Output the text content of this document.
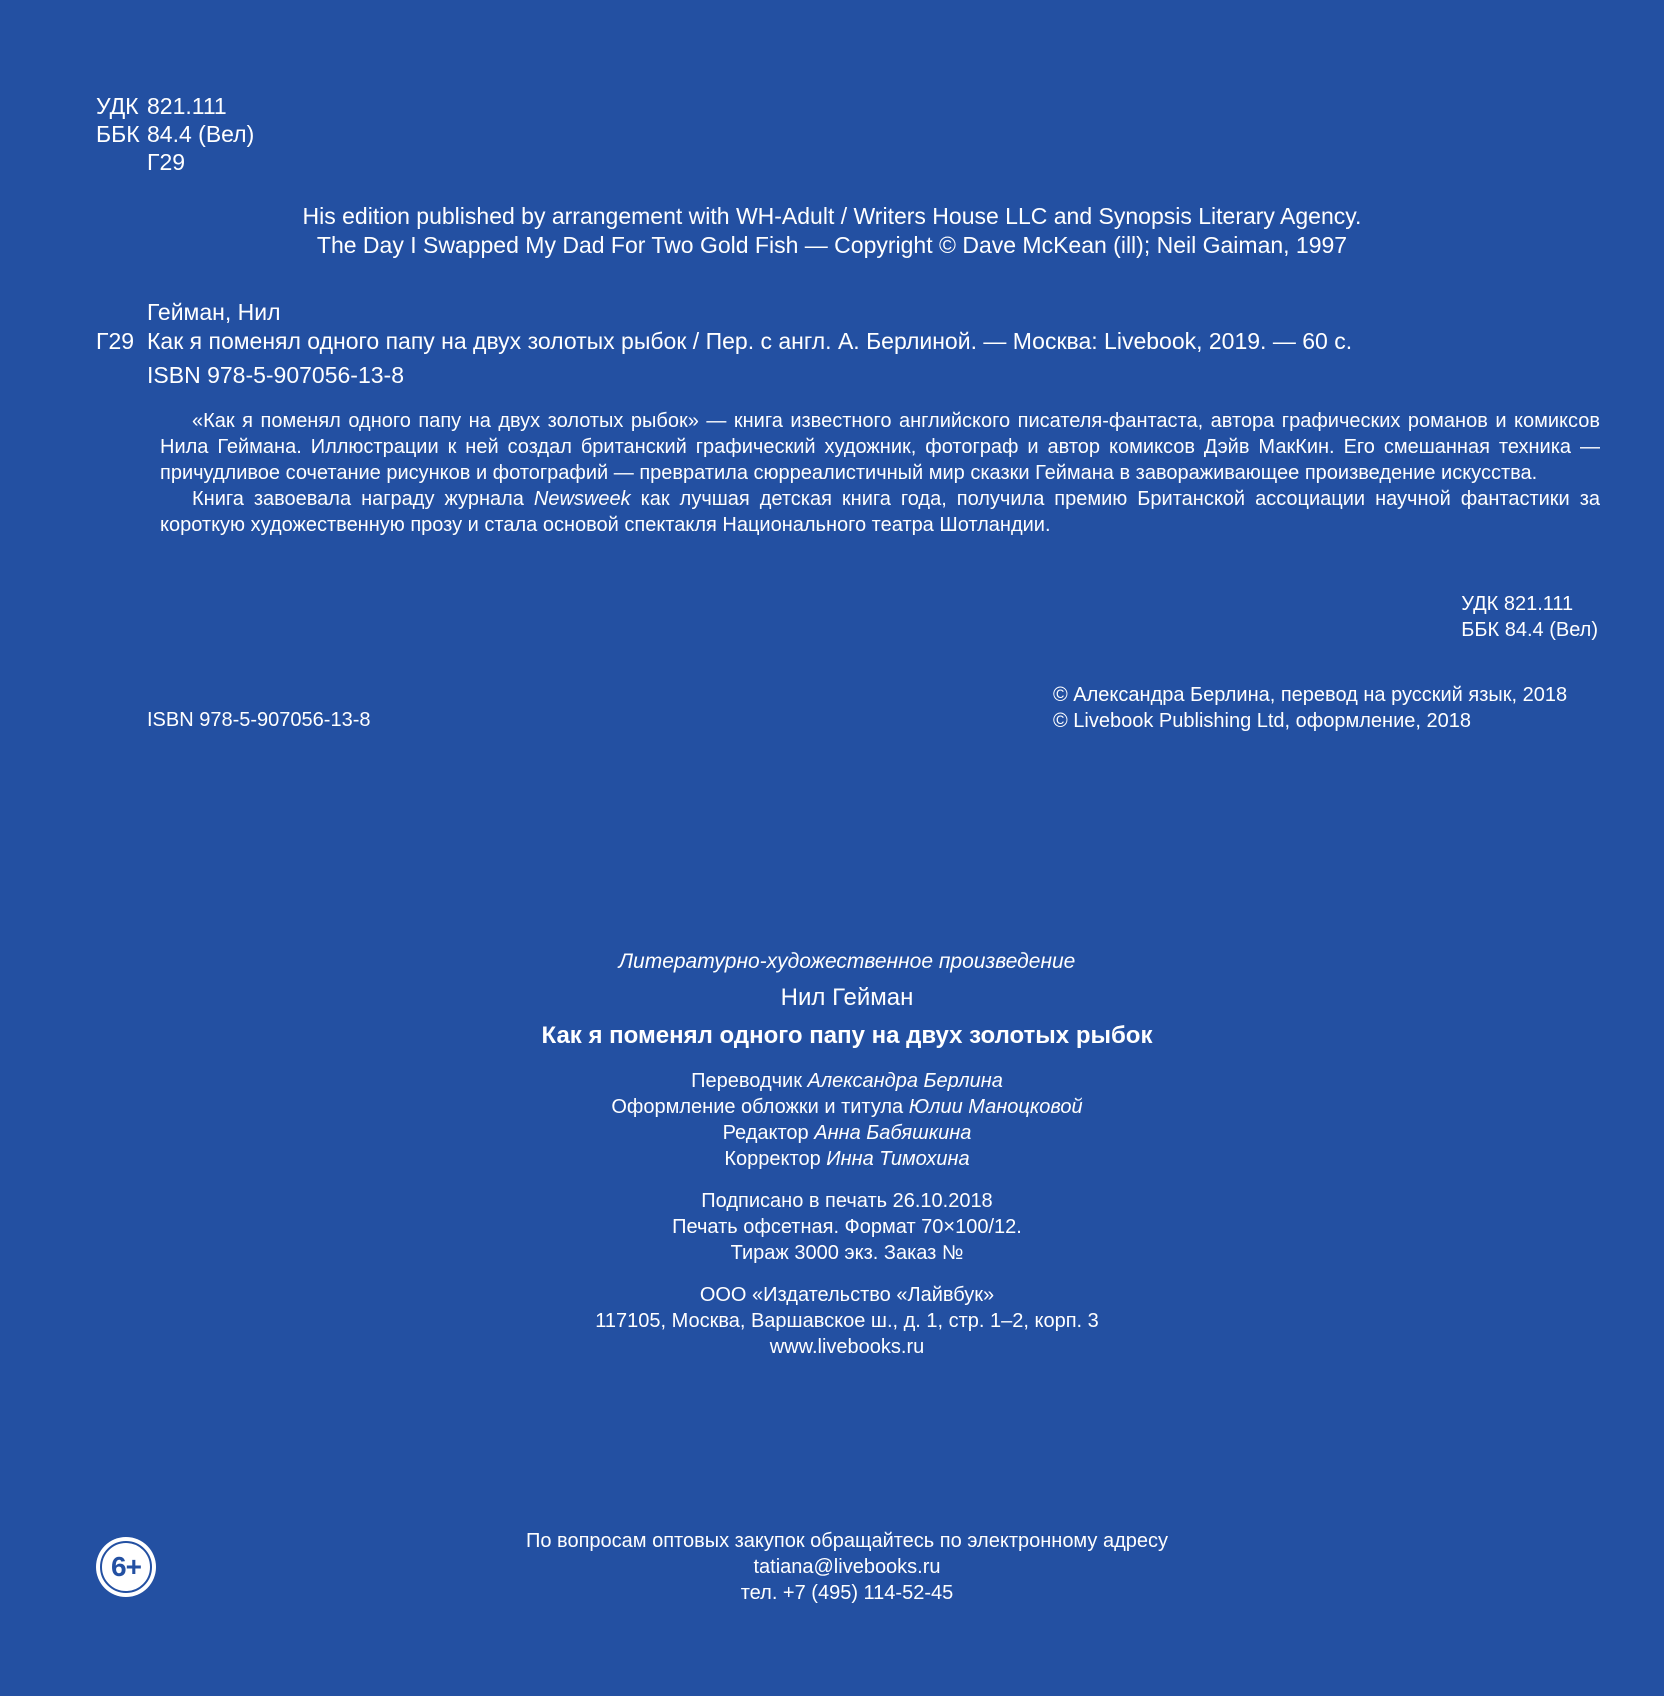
УДК 821.111
ББК 84.4 (Вел)
Г29
His edition published by arrangement with WH-Adult / Writers House LLC and Synopsis Literary Agency.
The Day I Swapped My Dad For Two Gold Fish — Copyright © Dave McKean (ill); Neil Gaiman, 1997
Гейман, Нил
Г29 Как я поменял одного папу на двух золотых рыбок / Пер. с англ. А. Берлиной. — Москва: Livebook, 2019. — 60 с.
ISBN 978-5-907056-13-8

«Как я поменял одного папу на двух золотых рыбок» — книга известного английского писателя-фантаста, автора графических романов и комиксов Нила Геймана. Иллюстрации к ней создал британский графический художник, фотограф и автор комиксов Дэйв МакКин. Его смешанная техника — причудливое сочетание рисунков и фотографий — превратила сюрреалистичный мир сказки Геймана в завораживающее произведение искусства.

Книга завоевала награду журнала Newsweek как лучшая детская книга года, получила премию Британской ассоциации научной фантастики за короткую художественную прозу и стала основой спектакля Национального театра Шотландии.

УДК 821.111
ББК 84.4 (Вел)
ISBN 978-5-907056-13-8
© Александра Берлина, перевод на русский язык, 2018
© Livebook Publishing Ltd, оформление, 2018
Литературно-художественное произведение
Нил Гейман
Как я поменял одного папу на двух золотых рыбок
Переводчик Александра Берлина
Оформление обложки и титула Юлии Маноцковой
Редактор Анна Бабяшкина
Корректор Инна Тимохина
Подписано в печать 26.10.2018
Печать офсетная. Формат 70×100/12.
Тираж 3000 экз. Заказ №
ООО «Издательство «Лайвбук»
117105, Москва, Варшавское ш., д. 1, стр. 1–2, корп. 3
www.livebooks.ru
По вопросам оптовых закупок обращайтесь по электронному адресу
tatiana@livebooks.ru
тел. +7 (495) 114-52-45
6+
